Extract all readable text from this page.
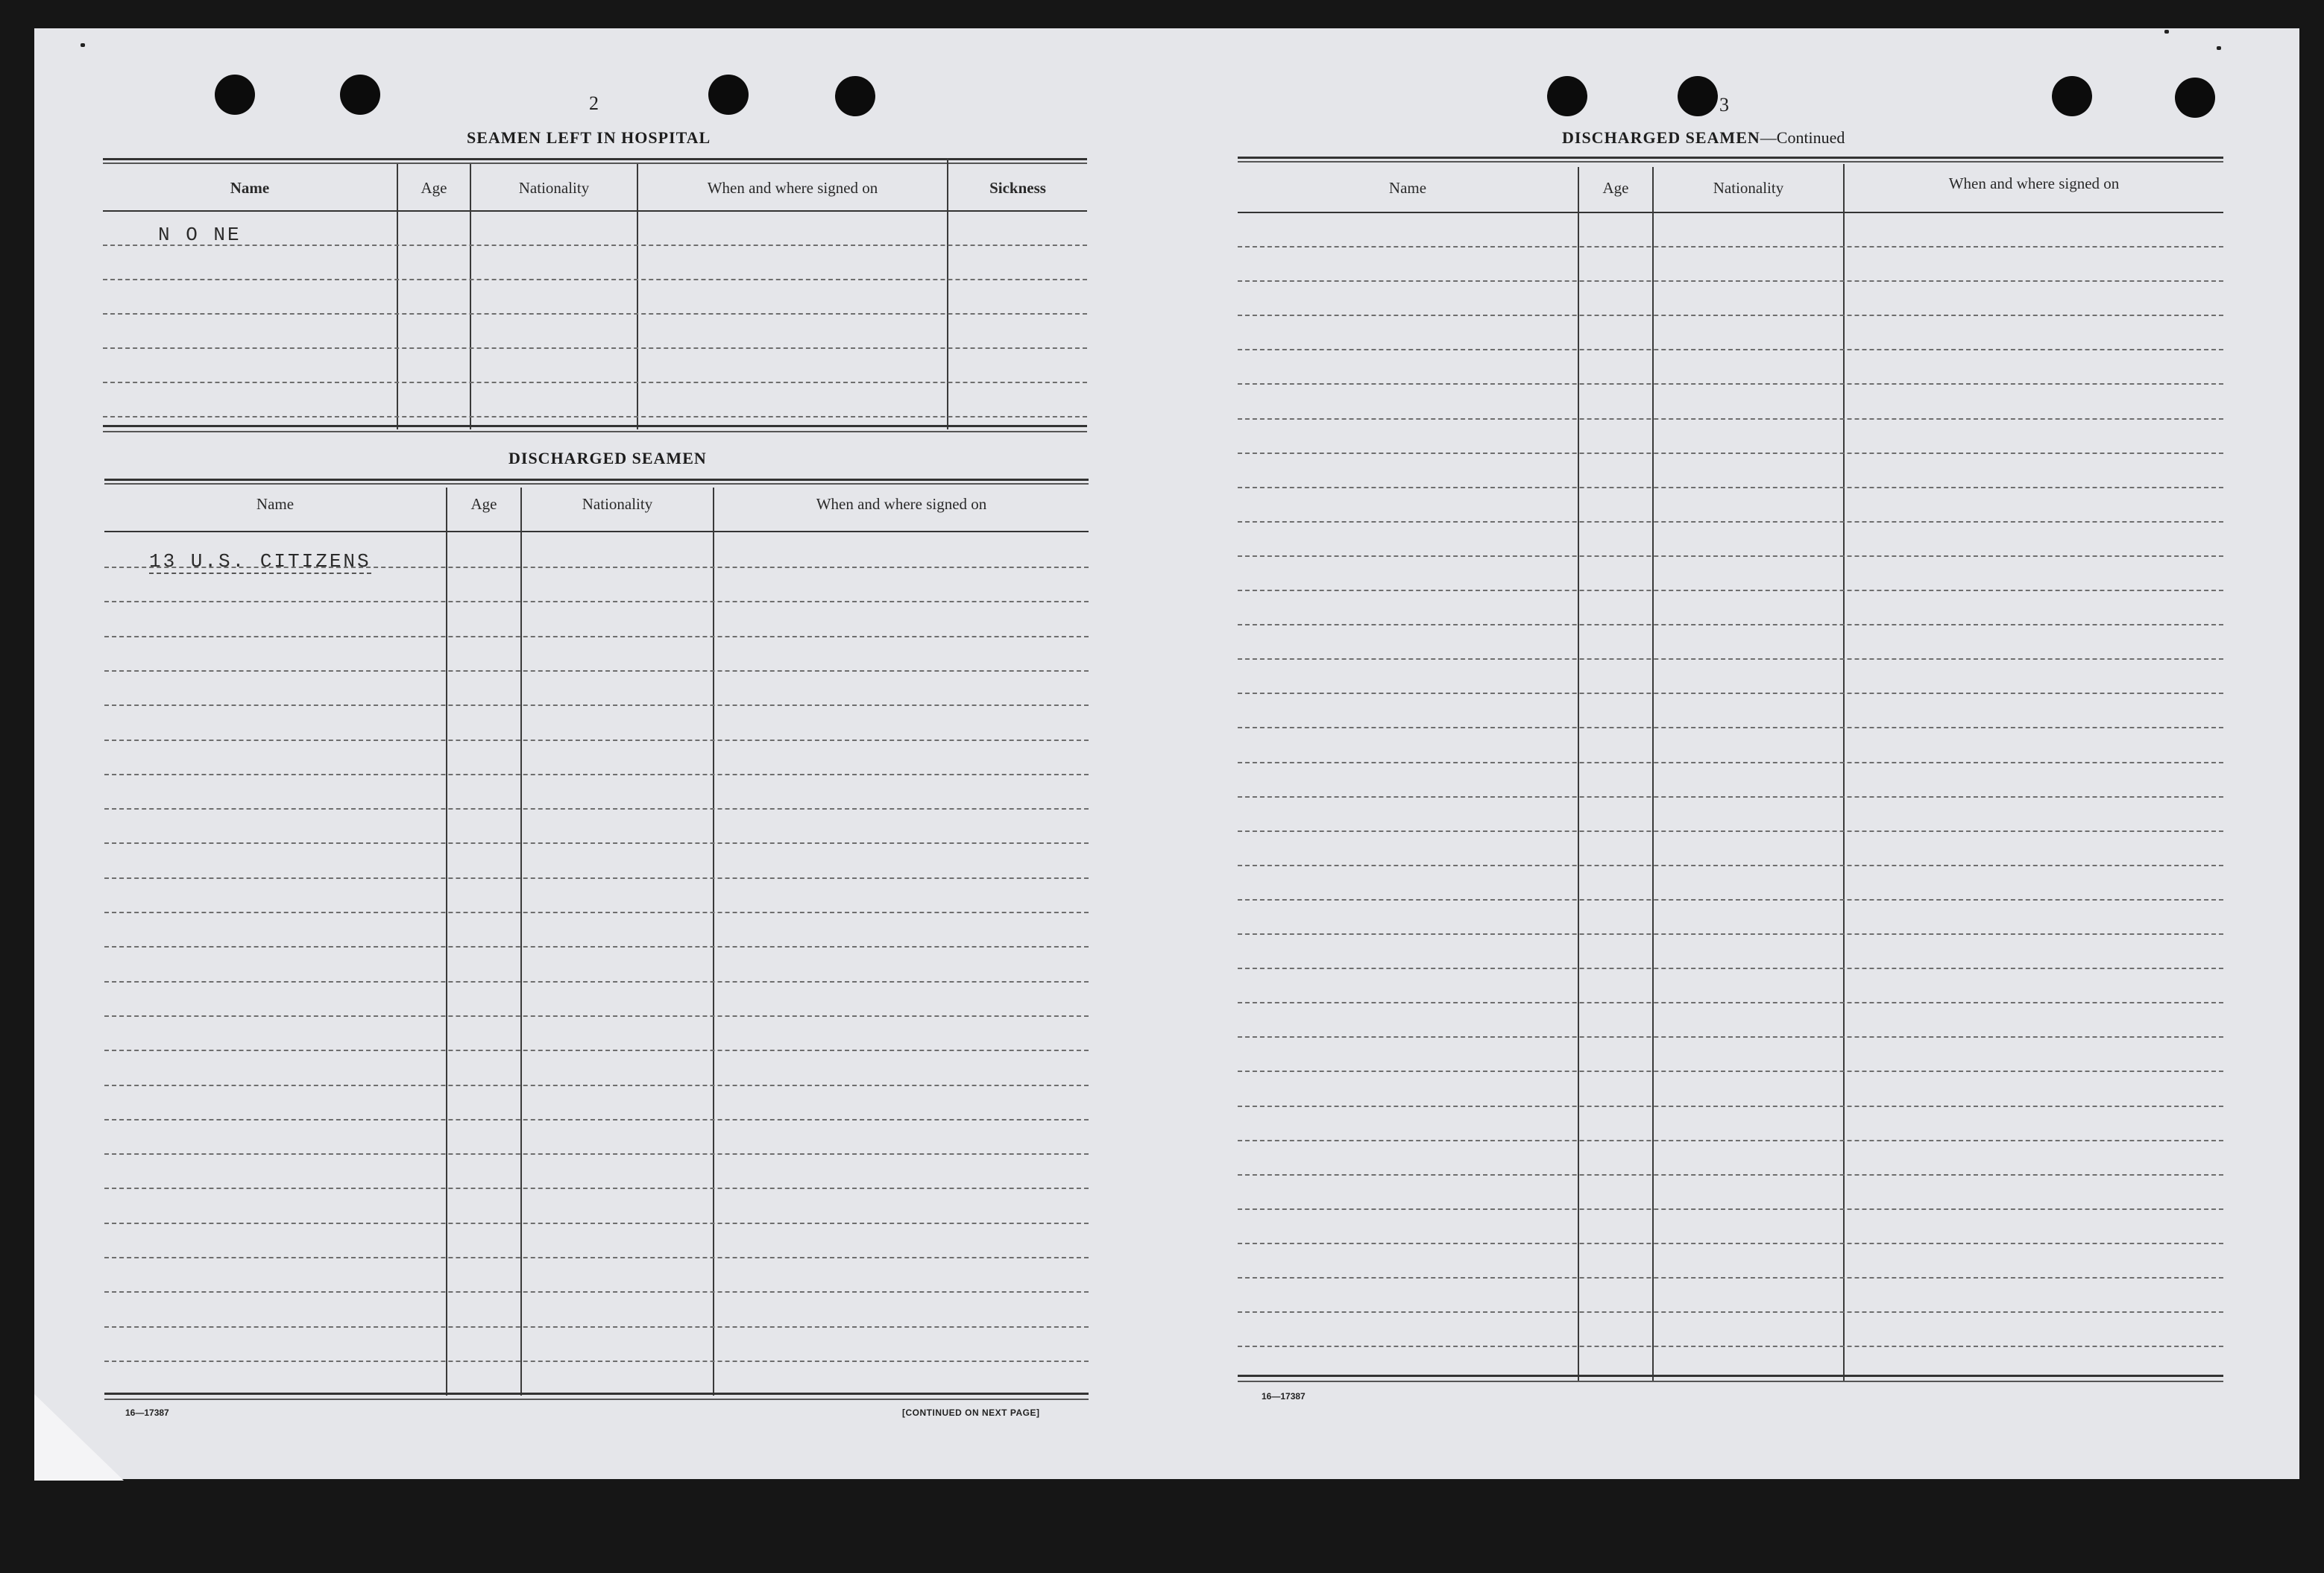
2
SEAMEN LEFT IN HOSPITAL
Name	Age	Nationality	When and where signed on	Sickness
N O NE
DISCHARGED SEAMEN
Name	Age	Nationality	When and where signed on
13 U.S. CITIZENS
16—17387	[CONTINUED ON NEXT PAGE]
3
DISCHARGED SEAMEN—Continued
Name	Age	Nationality	When and where signed on
16—17387
